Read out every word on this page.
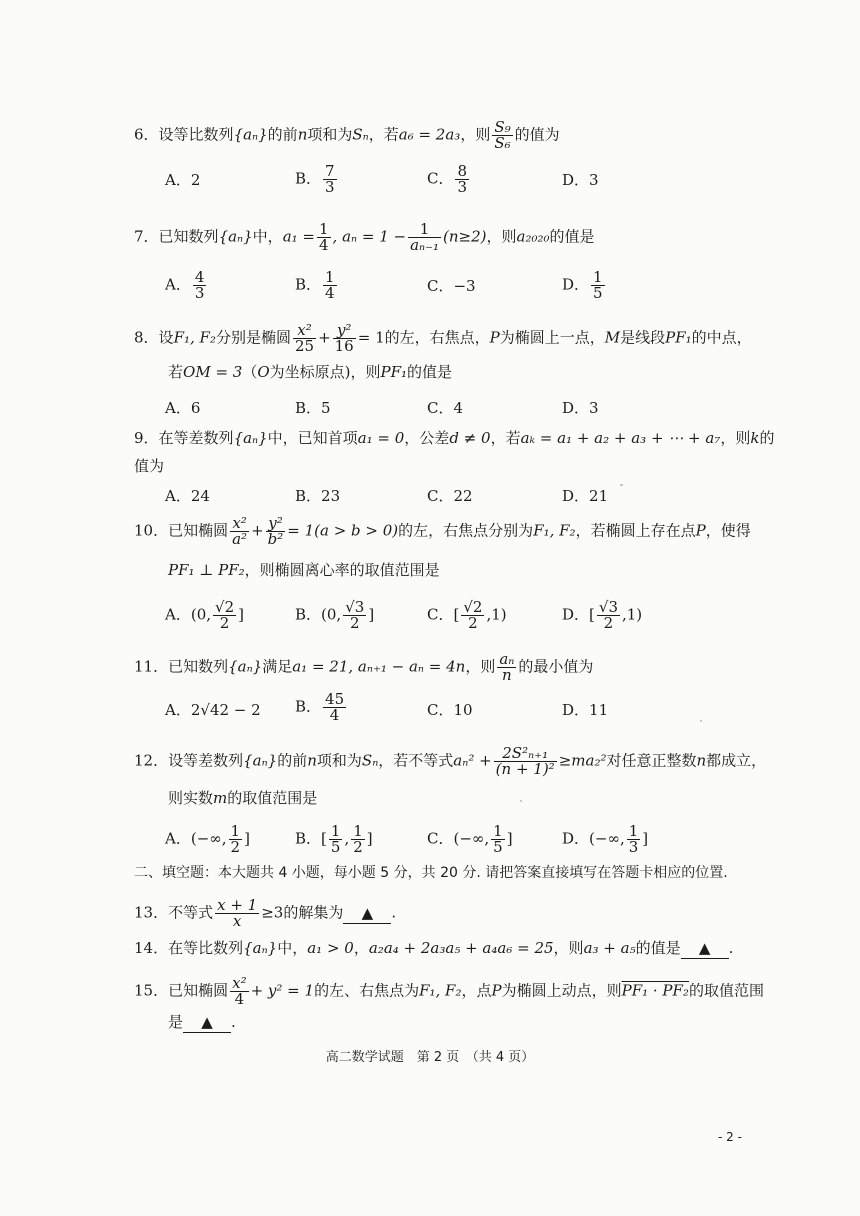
6．设等比数列{aₙ}的前n项和为Sₙ，若a₆ = 2a₃，则 $\frac{\text{S₉}}{\text{S₆}}$ 的值为
A．2	B． $\frac{7}{3}$	C． $\frac{8}{3}$	D．3
7．已知数列{aₙ}中，$a_1 = \frac{1}{4}$ , $a_n = 1 - \frac{1}{\text{aₙ₋₁}} (n\ge 2)$，则a₂₀₂₀的值是
A． $\frac{4}{3}$	B． $\frac{1}{4}$	C．−3	D． $\frac{1}{5}$
8．设F₁, F₂分别是椭圆 $\frac{\text{x²}}{25} + \frac{\text{y²}}{16} = 1$的左，右焦点，P为椭圆上一点，M是线段PF₁的中点，
若OM = 3（O为坐标原点)，则PF₁的值是
A．6	B．5	C．4	D．3
9．在等差数列{aₙ}中，已知首项a₁ = 0，公差d ≠ 0，若aₖ = a₁ + a₂ + a₃ + ⋯ + a₇，则k的
值为
A．24	B．23	C．22	D．21
10．已知椭圆 $\frac{\text{x²}}{\text{a²}} + \frac{\text{y²}}{\text{b²}} = 1(a > b > 0)$的左，右焦点分别为F₁, F₂，若椭圆上存在点P，使得
PF₁ ⊥ PF₂，则椭圆离心率的取值范围是
A．(0, $\frac{√2}{2}$ ]	B．(0, $\frac{√3}{2}$ ]	C．[ $\frac{√2}{2} ,1$)	D．[ $\frac{√3}{2} ,1$)
11．已知数列{aₙ}满足a₁ = 21, aₙ₊₁ − aₙ = 4n，则 $\frac{\text{aₙ}}{n}$ 的最小值为
A．2√42 − 2 B． $\frac{45}{4}$	C．10	D．11
12．设等差数列{aₙ}的前n项和为Sₙ，若不等式$a_n^2 + \frac{\text{2S²ₙ₊₁}}{\text{(n + 1)²}} \ge ma_2^2$对任意正整数n都成立，
则实数m的取值范围是
A．(−∞, $\frac{1}{2}$ ]	B．[ $\frac{1}{5}$ , $\frac{1}{2}$ ]	C．(−∞, $\frac{1}{5}$ ]	D．(−∞, $\frac{1}{3}$ ]
二、填空题：本大题共 4 小题，每小题 5 分，共 20 分. 请把答案直接填写在答题卡相应的位置.
13．不等式 $\frac{x + 1}{x} \ge 3$的解集为 ▲ .
14．在等比数列{aₙ}中，a₁ > 0，a₂a₄ + 2a₃a₅ + a₄a₆ = 25，则a₃ + a₅的值是 ▲ .
15．已知椭圆 $\frac{\text{x²}}{4} + y^2 = 1$的左、右焦点为F₁, F₂，点P为椭圆上动点，则PF₁ · PF₂的取值范围
是 ▲ .
高二数学试题　第 2 页　（共 4 页）
- 2 -
